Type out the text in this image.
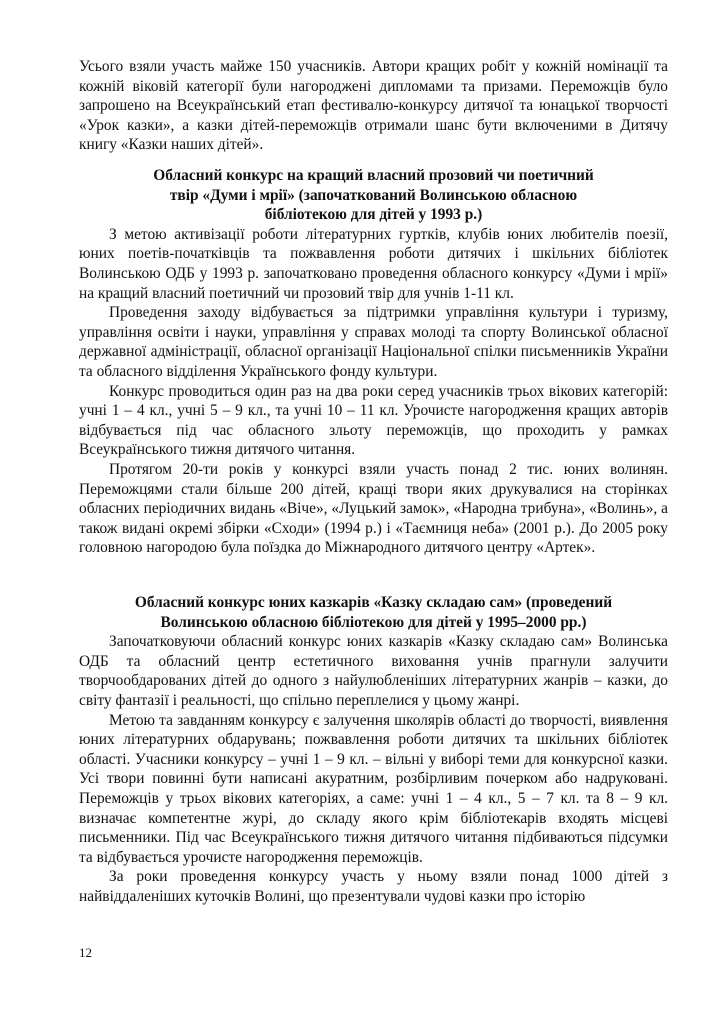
Усього взяли участь майже 150 учасників. Автори кращих робіт у кожній номінації та кожній віковій категорії були нагороджені дипломами та призами. Переможців було запрошено на Всеукраїнський етап фестивалю-конкурсу дитячої та юнацької творчості «Урок казки», а казки дітей-переможців отримали шанс бути включеними в Дитячу книгу «Казки наших дітей».

Обласний конкурс на кращий власний прозовий чи поетичний
твір «Думи і мрії» (започаткований Волинською обласною
бібліотекою для дітей у 1993 р.)

З метою активізації роботи літературних гуртків, клубів юних любителів поезії, юних поетів-початківців та пожвавлення роботи дитячих і шкільних бібліотек Волинською ОДБ у 1993 р. започатковано проведення обласного конкурсу «Думи і мрії» на кращий власний поетичний чи прозовий твір для учнів 1-11 кл.

Проведення заходу відбувається за підтримки управління культури і туризму, управління освіти і науки, управління у справах молоді та спорту Волинської обласної державної адміністрації, обласної організації Національної спілки письменників України та обласного відділення Українського фонду культури.

Конкурс проводиться один раз на два роки серед учасників трьох вікових категорій: учні 1 – 4 кл., учні 5 – 9 кл., та учні 10 – 11 кл. Урочисте нагородження кращих авторів відбувається під час обласного зльоту переможців, що проходить у рамках Всеукраїнського тижня дитячого читання.

Протягом 20-ти років у конкурсі взяли участь понад 2 тис. юних волинян. Переможцями стали більше 200 дітей, кращі твори яких друкувалися на сторінках обласних періодичних видань «Віче», «Луцький замок», «Народна трибуна», «Волинь», а також видані окремі збірки «Сходи» (1994 р.) і «Таємниця неба» (2001 р.). До 2005 року головною нагородою була поїздка до Міжнародного дитячого центру «Артек».

Обласний конкурс юних казкарів «Казку складаю сам» (проведений
Волинською обласною бібліотекою для дітей у 1995–2000 рр.)

Започатковуючи обласний конкурс юних казкарів «Казку складаю сам» Волинська ОДБ та обласний центр естетичного виховання учнів прагнули залучити творчообдарованих дітей до одного з найулюбленіших літературних жанрів – казки, до світу фантазії і реальності, що спільно переплелися у цьому жанрі.

Метою та завданням конкурсу є залучення школярів області до творчості, виявлення юних літературних обдарувань; пожвавлення роботи дитячих та шкільних бібліотек області. Учасники конкурсу – учні 1 – 9 кл. – вільні у виборі теми для конкурсної казки. Усі твори повинні бути написані акуратним, розбірливим почерком або надруковані. Переможців у трьох вікових категоріях, а саме: учні 1 – 4 кл., 5 – 7 кл. та 8 – 9 кл. визначає компетентне журі, до складу якого крім бібліотекарів входять місцеві письменники. Під час Всеукраїнського тижня дитячого читання підбиваються підсумки та відбувається урочисте нагородження переможців.

За роки проведення конкурсу участь у ньому взяли понад 1000 дітей з найвіддаленіших куточків Волині, що презентували чудові казки про історію

12
